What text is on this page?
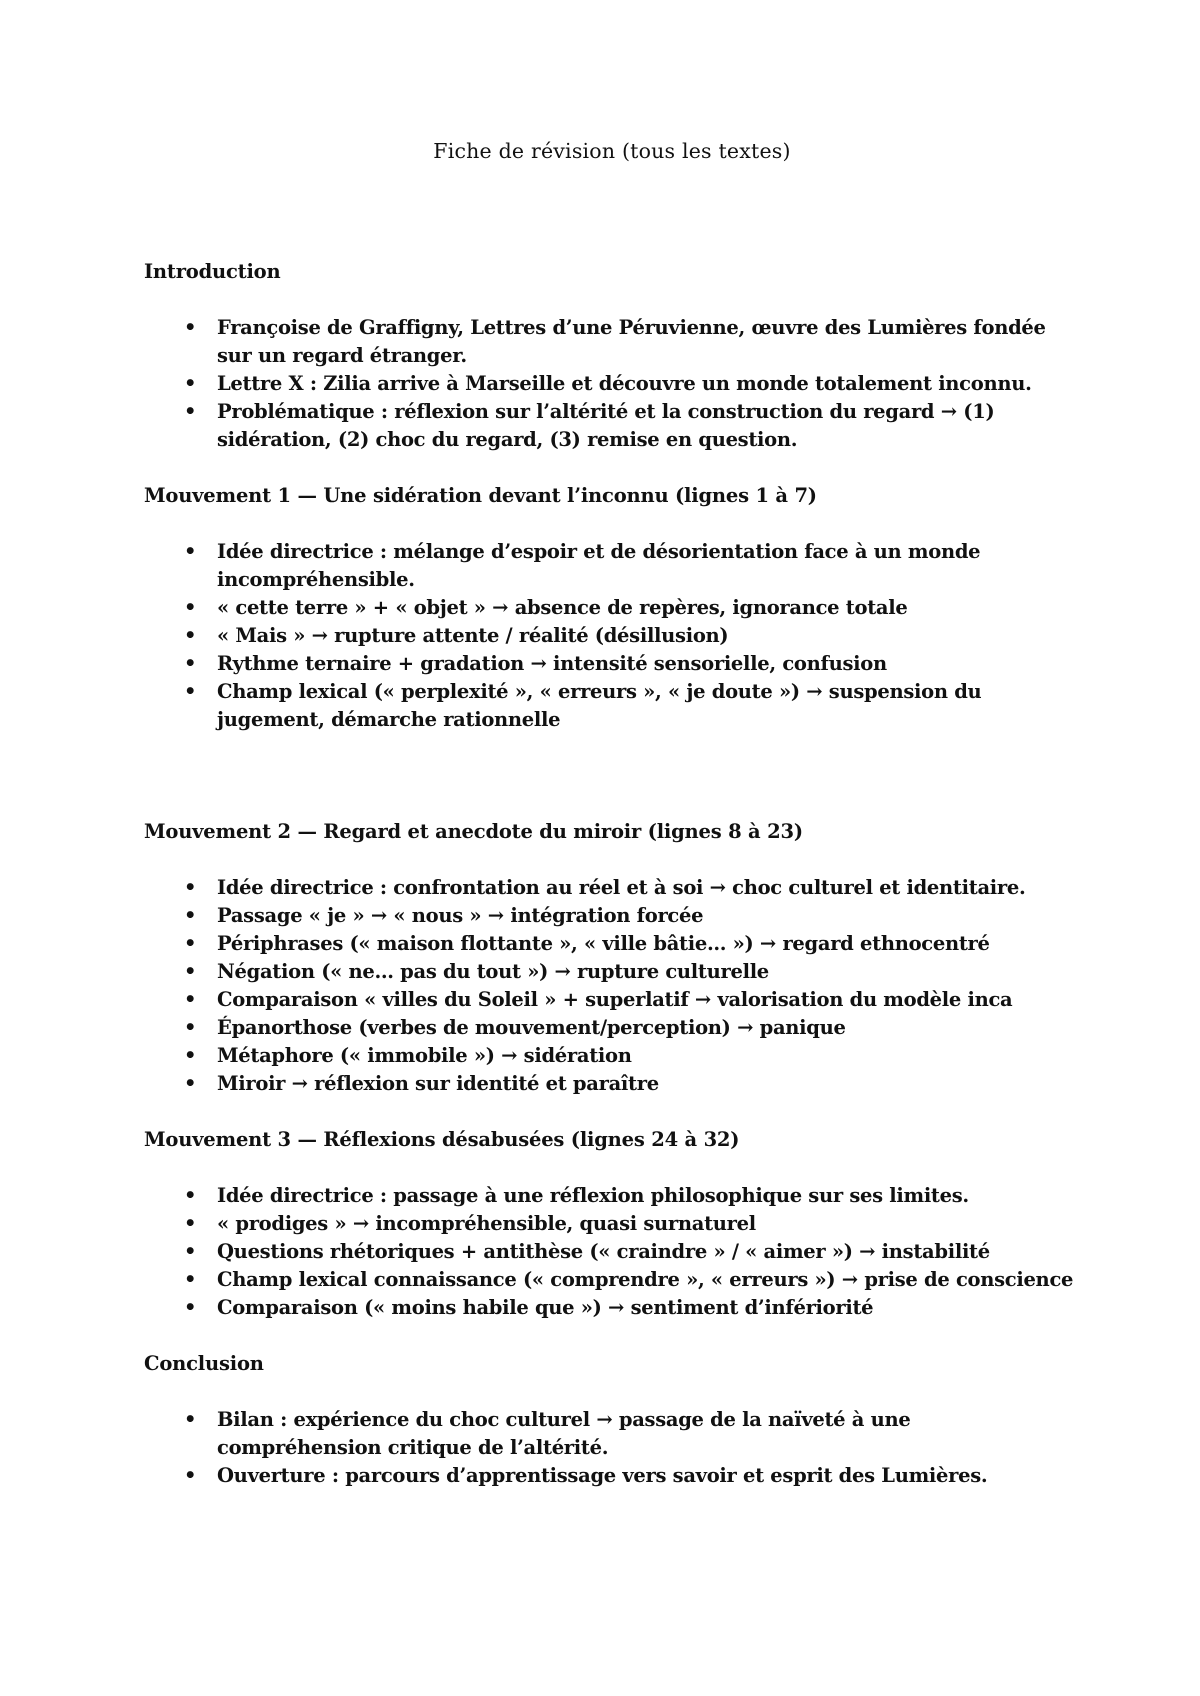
Fiche de révision (tous les textes)
Introduction
• Françoise de Graffigny, Lettres d’une Péruvienne, œuvre des Lumières fondée sur un regard étranger.
• Lettre X : Zilia arrive à Marseille et découvre un monde totalement inconnu.
• Problématique : réflexion sur l’altérité et la construction du regard → (1) sidération, (2) choc du regard, (3) remise en question.
Mouvement 1 — Une sidération devant l’inconnu (lignes 1 à 7)
• Idée directrice : mélange d’espoir et de désorientation face à un monde incompréhensible.
• « cette terre » + « objet » → absence de repères, ignorance totale
• « Mais » → rupture attente / réalité (désillusion)
• Rythme ternaire + gradation → intensité sensorielle, confusion
• Champ lexical (« perplexité », « erreurs », « je doute ») → suspension du jugement, démarche rationnelle
Mouvement 2 — Regard et anecdote du miroir (lignes 8 à 23)
• Idée directrice : confrontation au réel et à soi → choc culturel et identitaire.
• Passage « je » → « nous » → intégration forcée
• Périphrases (« maison flottante », « ville bâtie… ») → regard ethnocentré
• Négation (« ne… pas du tout ») → rupture culturelle
• Comparaison « villes du Soleil » + superlatif → valorisation du modèle inca
• Épanorthose (verbes de mouvement/perception) → panique
• Métaphore (« immobile ») → sidération
• Miroir → réflexion sur identité et paraître
Mouvement 3 — Réflexions désabusées (lignes 24 à 32)
• Idée directrice : passage à une réflexion philosophique sur ses limites.
• « prodiges » → incompréhensible, quasi surnaturel
• Questions rhétoriques + antithèse (« craindre » / « aimer ») → instabilité
• Champ lexical connaissance (« comprendre », « erreurs ») → prise de conscience
• Comparaison (« moins habile que ») → sentiment d’infériorité
Conclusion
• Bilan : expérience du choc culturel → passage de la naïveté à une compréhension critique de l’altérité.
• Ouverture : parcours d’apprentissage vers savoir et esprit des Lumières.
